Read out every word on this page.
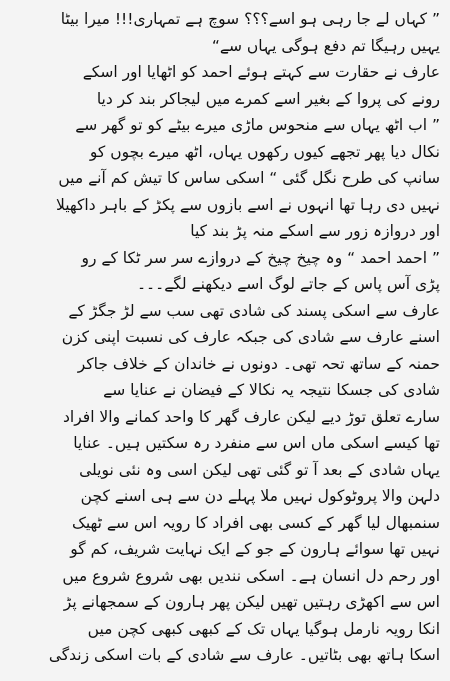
” کہاں لے جا رہی ہو اسے؟؟؟ سوچ ہے تمہاری!!! میرا بیٹا
یہیں رہیگا تم دفع ہوگی یہاں سے“
عارف نے حقارت سے کہتے ہوئے احمد کو اٹھایا اور اسکے
رونے کی پروا کے بغیر اسے کمرے میں لیجاکر بند کر دیا
” اب اٹھ یہاں سے منحوس ماڑی میرے بیٹے کو تو گھر سے
نکال دیا پھر تجھے کیوں رکھوں یہاں، اٹھ میرے بچوں کو
سانپ کی طرح نگل گئی “ اسکی ساس کا تیش کم آنے میں
نہیں دی رہا تھا انہوں نے اسے بازوں سے پکڑ کے باہر داکھیلا
اور دروازہ زور سے اسکے منہ پڑ بند کیا
” احمد احمد “ وہ چیخ چیخ کے دروازے سر سر ٹکا کے رو
پڑی آس پاس کے جاتے لوگ اسے دیکھنے لگے۔۔۔
عارف سے اسکی پسند کی شادی تھی سب سے لڑ جگڑ کے
اسنے عارف سے شادی کی جبکہ عارف کی نسبت اپنی کزن
حمنہ کے ساتھ تحہ تھی۔ دونوں نے خاندان کے خلاف جاکر
شادی کی جسکا نتیجہ یہ نکالا کے فیضان نے عنایا سے
سارے تعلق توڑ دیے لیکن عارف گھر کا واحد کمانے والا افراد
تھا کیسے اسکی ماں اس سے منفرد رہ سکتیں ہیں۔ عنایا
یہاں شادی کے بعد آ تو گئی تھی لیکن اسی وہ نئی نویلی
دلہن والا پروٹوکول نہیں ملا پہلے دن سے ہی اسنے کچن
سنمبھال لیا گھر کے کسی بھی افراد کا رویہ اس سے ٹھیک
نہیں تھا سوائے ہارون کے جو کے ایک نہایت شریف، کم گو
اور رحم دل انسان ہے۔ اسکی نندیں بھی شروع شروع میں
اس سے اکھڑی رہتیں تھیں لیکن پھر ہارون کے سمجھانے پڑ
انکا رویہ نارمل ہوگیا یہاں تک کے کبھی کبھی کچن میں
اسکا ہاتھ بھی بٹاتیں۔ عارف سے شادی کے بات اسکی زندگی
